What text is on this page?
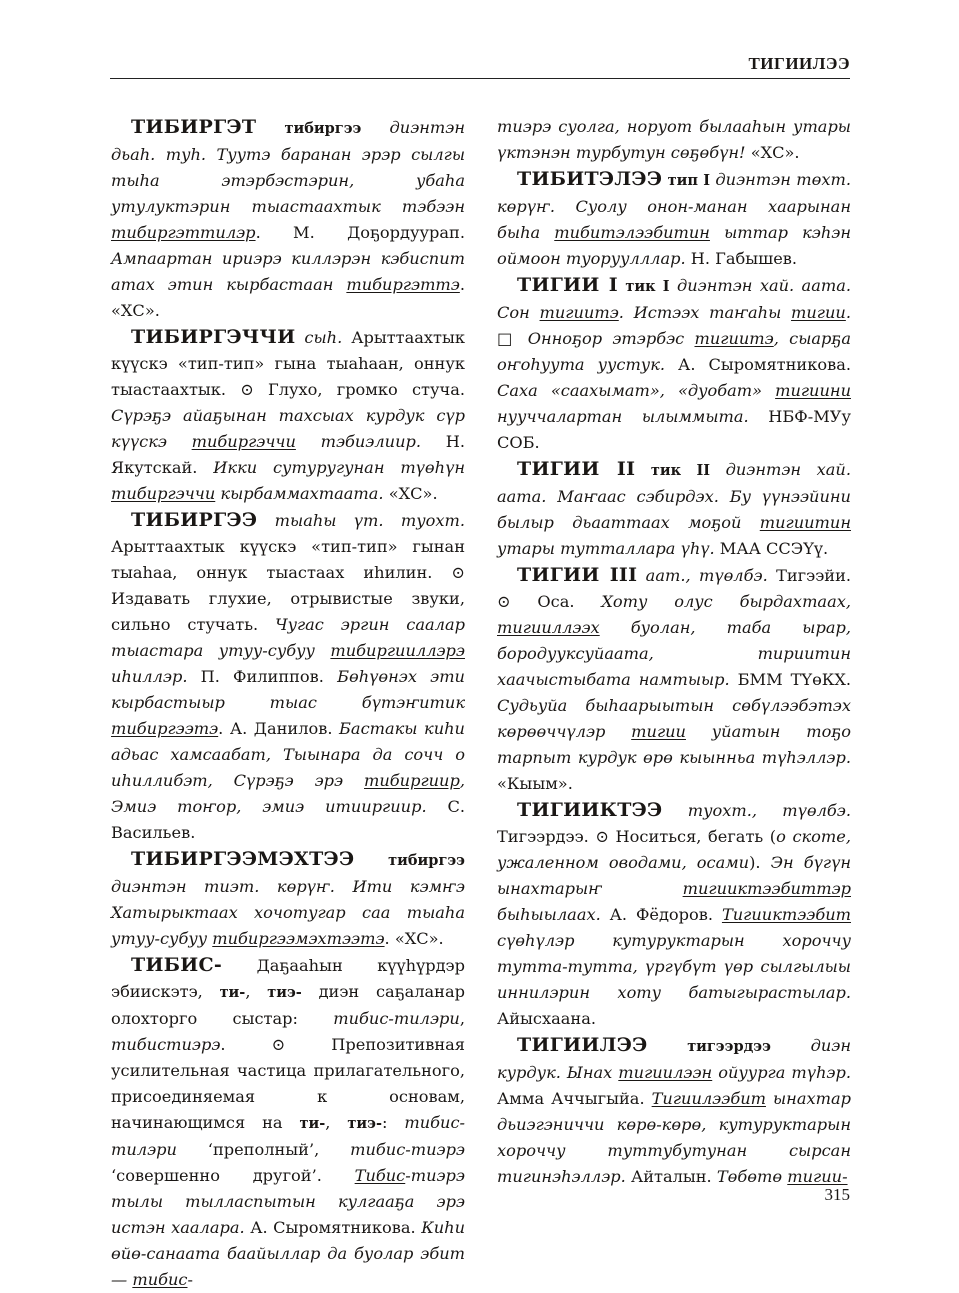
ТИГИИЛЭЭ

ТИБИРГЭТ тибиргээ диэнтэн дьаһ. туһ. Туутэ баранан эрэр сылгы тыһа этэрбэстэрин, убаһа утулуктэрин тыастаахтык тэбээн тибиргэттилэр. М. Доҕордуурап. Ампаартан ириэрэ киллэрэн кэбиспит атах этин кырбастаан тибиргэттэ. «ХС».

ТИБИРГЭЧЧИ сыһ. Арыттаахтык күүскэ «тип-тип» гына тыаһаан, оннук тыастаахтык. ⊙ Глухо, громко стуча. Сүрэҕэ айаҕынан тахсыах курдук сүр күүскэ тибиргэччи тэбиэлиир. Н. Якутскай. Икки сутуругунан түөһүн тибиргэччи кырбаммахтаата. «ХС».

ТИБИРГЭЭ тыаһы үт. туохт. Арыттаахтык күүскэ «тип-тип» гынан тыаһаа, оннук тыастаах иһилин. ⊙ Издавать глухие, отрывистые звуки, сильно стучать. Чугас эргин саалар тыастара утуу-субуу тибиргииллэрэ иһиллэр. П. Филиппов. Бөһүөнэх эти кырбастыыр тыас бүтэҥитик тибиргээтэ. А. Данилов. Бастакы киһи адьас хамсаабат, Тыынара да сочч о иһиллибэт, Сүрэҕэ эрэ тибиргиир, Эмиэ тоҥор, эмиэ итииргиир. С. Васильев.

ТИБИРГЭЭМЭХТЭЭ тибиргээ диэнтэн тиэт. көрүҥ. Ити кэмҥэ Хатырыктаах хочотугар саа тыаһа утуу-субуу тибиргээмэхтээтэ. «ХС».

ТИБИС- Даҕааһын күүһүрдэр эбиискэтэ, ти-, тиэ- диэн саҕаланар олохторго сыстар: тибис-тилэри, тибистиэрэ. ⊙ Препозитивная усилительная частица прилагательного, присоединяемая к основам, начинающимся на ти-, тиэ-: тибис-тилэри ‘преполный’, тибис-тиэрэ ‘совершенно другой’. Тибис-тиэрэ тылы тыллаcпытын кулгааҕа эрэ истэн хаалара. А. Сыромятникова. Киһи өйө-санаата баайыллар да буолар эбит — тибис-

тиэрэ суолга, норуот былааһын утары үктэнэн турбутун сөҕөбүн! «ХС».

ТИБИТЭЛЭЭ тип I диэнтэн төхт. көрүҥ. Суолу онон-манан хаарынан быһа тибитэлээбитин ыттар кэһэн оймоон туоруулллар. Н. Габышев.

ТИГИИ I тик I диэнтэн хай. аата. Сон тигиитэ. Истээх таҥаһы тигии. □ Онноҕор этэрбэс тигиитэ, сыарҕа оҥоһуута уустук. А. Сыромятникова. Саха «саахымат», «дуобат» тигиини нууччалартан ылыммыта. НБФ-МУу СОБ.

ТИГИИ II тик II диэнтэн хай. аата. Маҥаас сэбирдэх. Бу үүнээйини былыр дьааттаах моҕой тигиитин утары тутталлара үһү. МАА ССЭҮү.

ТИГИИ III аат., түөлбэ. Тигээйи. ⊙ Оса. Хоту олус бырдахтаах, тигииллээх буолан, таба ырар, бородууксуйаата, тириитин хаачыстыбата намтыыр. БММ ТҮөКХ. Судьуйа быһаарыытын сөбүлээбэтэх көрөөччүлэр тигии уйатын тоҕо тарпыт курдук өрө кыынньа түһэллэр. «Кыым».

ТИГИИКТЭЭ туохт., түөлбэ. Тигээрдээ. ⊙ Носиться, бегать (о скоте, ужаленном оводами, осами). Эн бүгүн ынахтарыҥ тигииктээбиттэр быһыылаах. А. Фёдоров. Тигииктээбит сүөһүлэр кутуруктарын хороччу тутта-тутта, үргүбүт үөр сылгылыы иннилэрин хоту батыгырастылар. Айысхаана.

ТИГИИЛЭЭ	тигээрдээ диэн курдук. Ынах тигиилээн ойуурга түһэр. Амма Аччыгыйа. Тигиилээбит ынахтар дьиэгэниччи көрө-көрө, кутуруктарын хороччу туттубутунан сырсан тигинэһэллэр. Айталын. Төбөтө тигии-

315
